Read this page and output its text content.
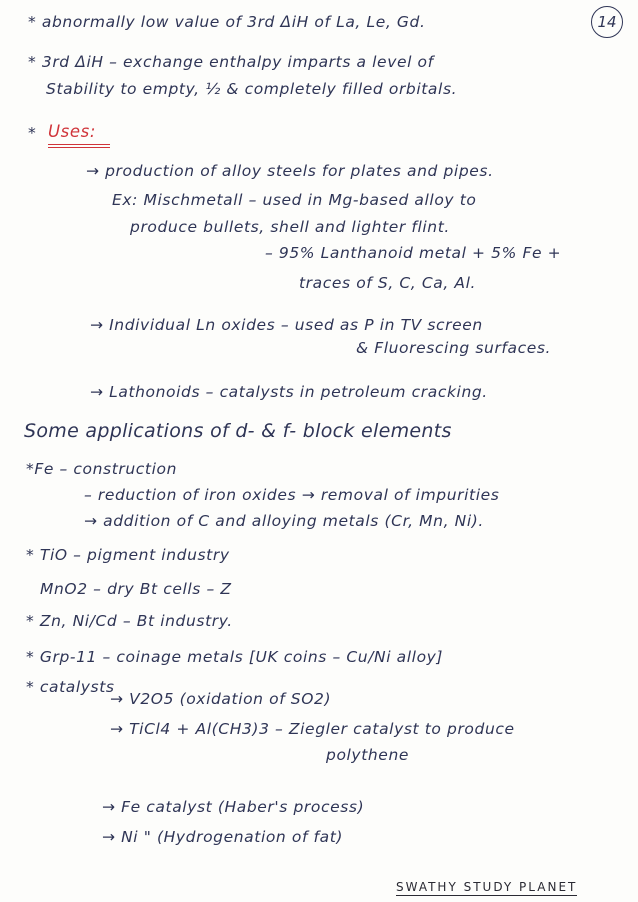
14
* abnormally low value of 3rd ΔiH of La, Le, Gd.
* 3rd ΔiH – exchange enthalpy imparts a level of
Stability to empty, ½ & completely filled orbitals.
* Uses:
→ production of alloy steels for plates and pipes.
Ex: Mischmetall – used in Mg-based alloy to
produce bullets, shell and lighter flint.
– 95% Lanthanoid metal + 5% Fe +
traces of S, C, Ca, Al.
→ Individual Ln oxides – used as P in TV screen
& Fluorescing surfaces.
→ Lathonoids – catalysts in petroleum cracking.
Some applications of d- & f- block elements
*Fe – construction
– reduction of iron oxides → removal of impurities
→ addition of C and alloying metals (Cr, Mn, Ni).
* TiO – pigment industry
MnO2 – dry Bt cells – Z
* Zn, Ni/Cd – Bt industry.
* Grp-11 – coinage metals [UK coins – Cu/Ni alloy]
* catalysts
→ V2O5 (oxidation of SO2)
→ TiCl4 + Al(CH3)3 – Ziegler catalyst to produce
polythene
→ Fe catalyst (Haber's process)
→ Ni " (Hydrogenation of fat)
SWATHY STUDY PLANET
